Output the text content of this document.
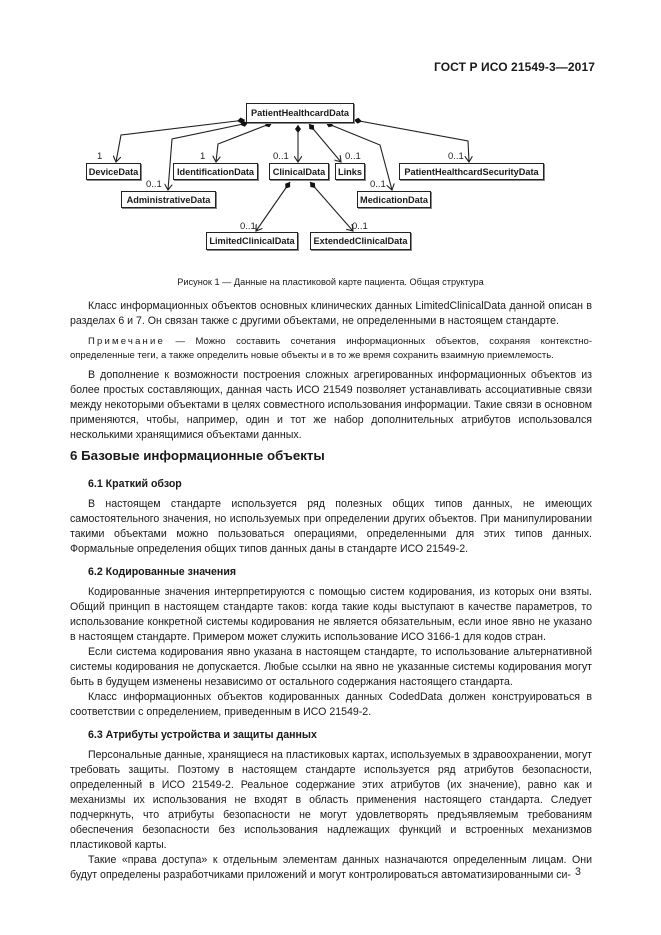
ГОСТ Р ИСО 21549-3—2017
PatientHealthcardData
DeviceData	IdentificationData	ClinicalData	Links	PatientHealthcardSecurityData
AdministrativeData	MedicationData
LimitedClinicalData	ExtendedClinicalData
1	1	0..1	0..1	0..1
0..1	0..1
0..1	0..1
Рисунок 1 — Данные на пластиковой карте пациента. Общая структура

Класс информационных объектов основных клинических данных LimitedClinicalData данной описан в разделах 6 и 7. Он связан также с другими объектами, не определенными в настоящем стандарте.

Примечание — Можно составить сочетания информационных объектов, сохраняя контекстно-определенные теги, а также определить новые объекты и в то же время сохранить взаимную приемлемость.

В дополнение к возможности построения сложных агрегированных информационных объектов из более простых составляющих, данная часть ИСО 21549 позволяет устанавливать ассоциативные связи между некоторыми объектами в целях совместного использования информации. Такие связи в основном применяются, чтобы, например, один и тот же набор дополнительных атрибутов использовался несколькими хранящимися объектами данных.

6 Базовые информационные объекты

6.1 Краткий обзор

В настоящем стандарте используется ряд полезных общих типов данных, не имеющих самостоятельного значения, но используемых при определении других объектов. При манипулировании такими объектами можно пользоваться операциями, определенными для этих типов данных. Формальные определения общих типов данных даны в стандарте ИСО 21549-2.

6.2 Кодированные значения

Кодированные значения интерпретируются с помощью систем кодирования, из которых они взяты. Общий принцип в настоящем стандарте таков: когда такие коды выступают в качестве параметров, то использование конкретной системы кодирования не является обязательным, если иное явно не указано в настоящем стандарте. Примером может служить использование ИСО 3166-1 для кодов стран.

Если система кодирования явно указана в настоящем стандарте, то использование альтернативной системы кодирования не допускается. Любые ссылки на явно не указанные системы кодирования могут быть в будущем изменены независимо от остального содержания настоящего стандарта.

Класс информационных объектов кодированных данных CodedData должен конструироваться в соответствии с определением, приведенным в ИСО 21549-2.

6.3 Атрибуты устройства и защиты данных

Персональные данные, хранящиеся на пластиковых картах, используемых в здравоохранении, могут требовать защиты. Поэтому в настоящем стандарте используется ряд атрибутов безопасности, определенный в ИСО 21549-2. Реальное содержание этих атрибутов (их значение), равно как и механизмы их использования не входят в область применения настоящего стандарта. Следует подчеркнуть, что атрибуты безопасности не могут удовлетворять предъявляемым требованиям обеспечения безопасности без использования надлежащих функций и встроенных механизмов пластиковой карты.

Такие «права доступа» к отдельным элементам данных назначаются определенным лицам. Они будут определены разработчиками приложений и могут контролироваться автоматизированными си- 3
